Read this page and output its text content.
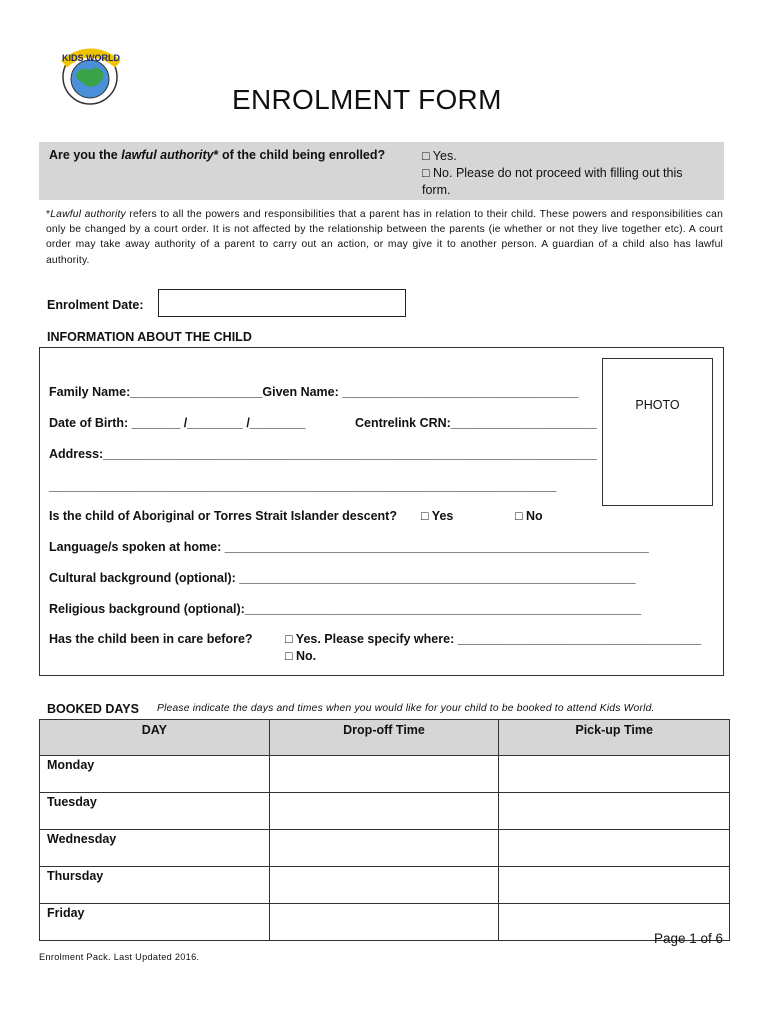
KIDS WORLD
ENROLMENT FORM
Are you the lawful authority* of the child being enrolled?	□ Yes.
□ No. Please do not proceed with filling out this form.
*Lawful authority refers to all the powers and responsibilities that a parent has in relation to their child. These powers and responsibilities can only be changed by a court order. It is not affected by the relationship between the parents (ie whether or not they live together etc). A court order may take away authority of a parent to carry out an action, or may give it to another person. A guardian of a child also has lawful authority.
Enrolment Date:
INFORMATION ABOUT THE CHILD
PHOTO
Family Name:___________________Given Name: __________________________________
Date of Birth: _______ /________ /________	Centrelink CRN:_____________________
Address:_______________________________________________________________________
_________________________________________________________________________
Is the child of Aboriginal or Torres Strait Islander descent? □ Yes	□ No
Language/s spoken at home: _____________________________________________________________
Cultural background (optional): _________________________________________________________
Religious background (optional):_________________________________________________________
Has the child been in care before?	□ Yes. Please specify where: ___________________________________
□ No.
BOOKED DAYS Please indicate the days and times when you would like for your child to be booked to attend Kids World.
DAY	Drop-off Time	Pick-up Time
Monday		
Tuesday		
Wednesday		
Thursday		
Friday		
Page 1 of 6
Enrolment Pack. Last Updated 2016.
